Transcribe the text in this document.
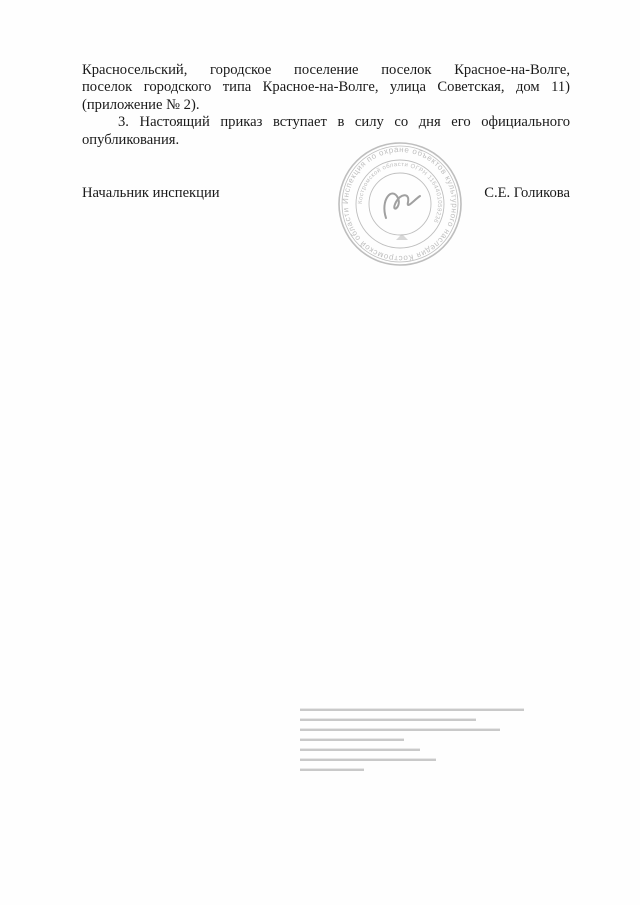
Красносельский, городское поселение поселок Красное-на-Волге,

поселок городского типа Красное-на-Волге, улица Советская, дом 11)

(приложение № 2).

3. Настоящий приказ вступает в силу со дня его официального

опубликования.

Начальник инспекции	С.Е. Голикова
Инспекция по охране объектов культурного наследия Костромской области
Костромской области ОГРН 1164401059236
▬▬▬▬▬▬▬▬▬▬▬▬▬▬▬▬▬▬▬▬▬▬▬▬▬▬▬▬
▬▬▬▬▬▬▬▬▬▬▬▬▬▬▬▬▬▬▬▬▬▬
▬▬▬▬▬▬▬▬▬▬▬▬▬▬▬▬▬▬▬▬▬▬▬▬▬
▬▬▬▬▬▬▬▬▬▬▬▬▬
▬▬▬▬▬▬▬▬▬▬▬▬▬▬▬
▬▬▬▬▬▬▬▬▬▬▬▬▬▬▬▬▬
▬▬▬▬▬▬▬▬
